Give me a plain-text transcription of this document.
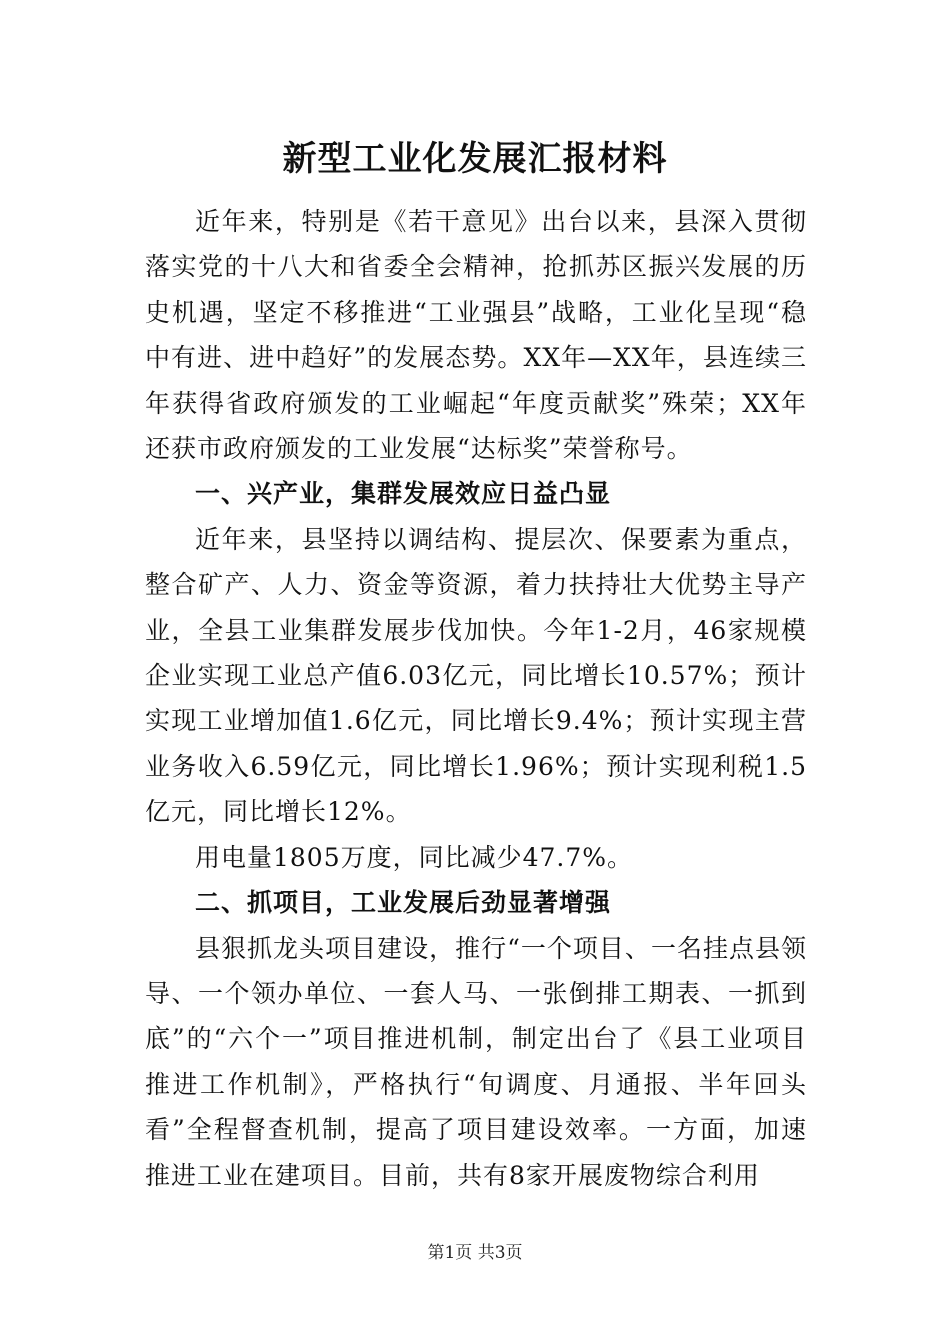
新型工业化发展汇报材料

近年来，特别是《若干意见》出台以来，县深入贯彻落实党的十八大和省委全会精神，抢抓苏区振兴发展的历史机遇，坚定不移推进“工业强县”战略，工业化呈现“稳中有进、进中趋好”的发展态势。XX年—XX年，县连续三年获得省政府颁发的工业崛起“年度贡献奖”殊荣；XX年还获市政府颁发的工业发展“达标奖”荣誉称号。

一、兴产业，集群发展效应日益凸显

近年来，县坚持以调结构、提层次、保要素为重点，整合矿产、人力、资金等资源，着力扶持壮大优势主导产业，全县工业集群发展步伐加快。今年1-2月，46家规模企业实现工业总产值6.03亿元，同比增长10.57%；预计实现工业增加值1.6亿元，同比增长9.4%；预计实现主营业务收入6.59亿元，同比增长1.96%；预计实现利税1.5亿元，同比增长12%。

用电量1805万度，同比减少47.7%。

二、抓项目，工业发展后劲显著增强

县狠抓龙头项目建设，推行“一个项目、一名挂点县领导、一个领办单位、一套人马、一张倒排工期表、一抓到底”的“六个一”项目推进机制，制定出台了《县工业项目推进工作机制》，严格执行“旬调度、月通报、半年回头看”全程督查机制，提高了项目建设效率。一方面，加速推进工业在建项目。目前，共有8家开展废物综合利用

第1页 共3页
